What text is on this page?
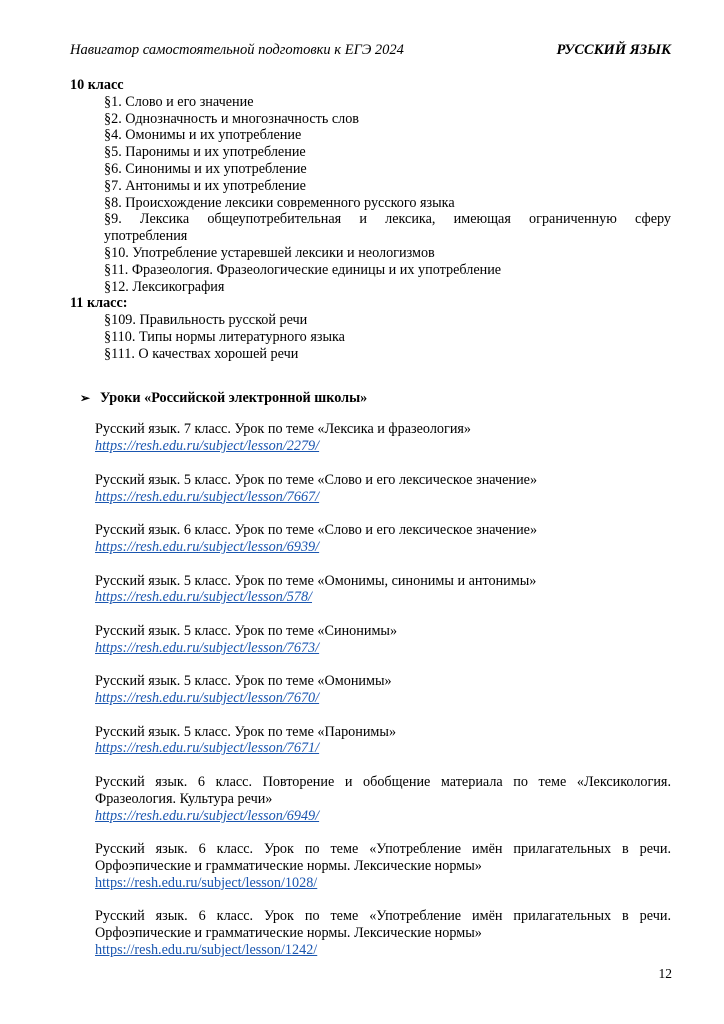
Навигатор самостоятельной подготовки к ЕГЭ 2024	РУССКИЙ ЯЗЫК
10 класс
§1. Слово и его значение
§2. Однозначность и многозначность слов
§4. Омонимы и их употребление
§5. Паронимы и их употребление
§6. Синонимы и их употребление
§7. Антонимы и их употребление
§8. Происхождение лексики современного русского языка
§9. Лексика общеупотребительная и лексика, имеющая ограниченную сферу
употребления
§10. Употребление устаревшей лексики и неологизмов
§11. Фразеология. Фразеологические единицы и их употребление
§12. Лексикография
11 класс:
§109. Правильность русской речи
§110. Типы нормы литературного языка
§111. О качествах хорошей речи
➢ Уроки «Российской электронной школы»
Русский язык. 7 класс. Урок по теме «Лексика и фразеология»
https://resh.edu.ru/subject/lesson/2279/
Русский язык. 5 класс. Урок по теме «Слово и его лексическое значение»
https://resh.edu.ru/subject/lesson/7667/
Русский язык. 6 класс. Урок по теме «Слово и его лексическое значение»
https://resh.edu.ru/subject/lesson/6939/
Русский язык. 5 класс. Урок по теме «Омонимы, синонимы и антонимы»
https://resh.edu.ru/subject/lesson/578/
Русский язык. 5 класс. Урок по теме «Синонимы»
https://resh.edu.ru/subject/lesson/7673/
Русский язык. 5 класс. Урок по теме «Омонимы»
https://resh.edu.ru/subject/lesson/7670/
Русский язык. 5 класс. Урок по теме «Паронимы»
https://resh.edu.ru/subject/lesson/7671/
Русский язык. 6 класс. Повторение и обобщение материала по теме «Лексикология. Фразеология. Культура речи»
https://resh.edu.ru/subject/lesson/6949/
Русский язык. 6 класс. Урок по теме «Употребление имён прилагательных в речи. Орфоэпические и грамматические нормы. Лексические нормы»
https://resh.edu.ru/subject/lesson/1028/
Русский язык. 6 класс. Урок по теме «Употребление имён прилагательных в речи. Орфоэпические и грамматические нормы. Лексические нормы»
https://resh.edu.ru/subject/lesson/1242/
12
